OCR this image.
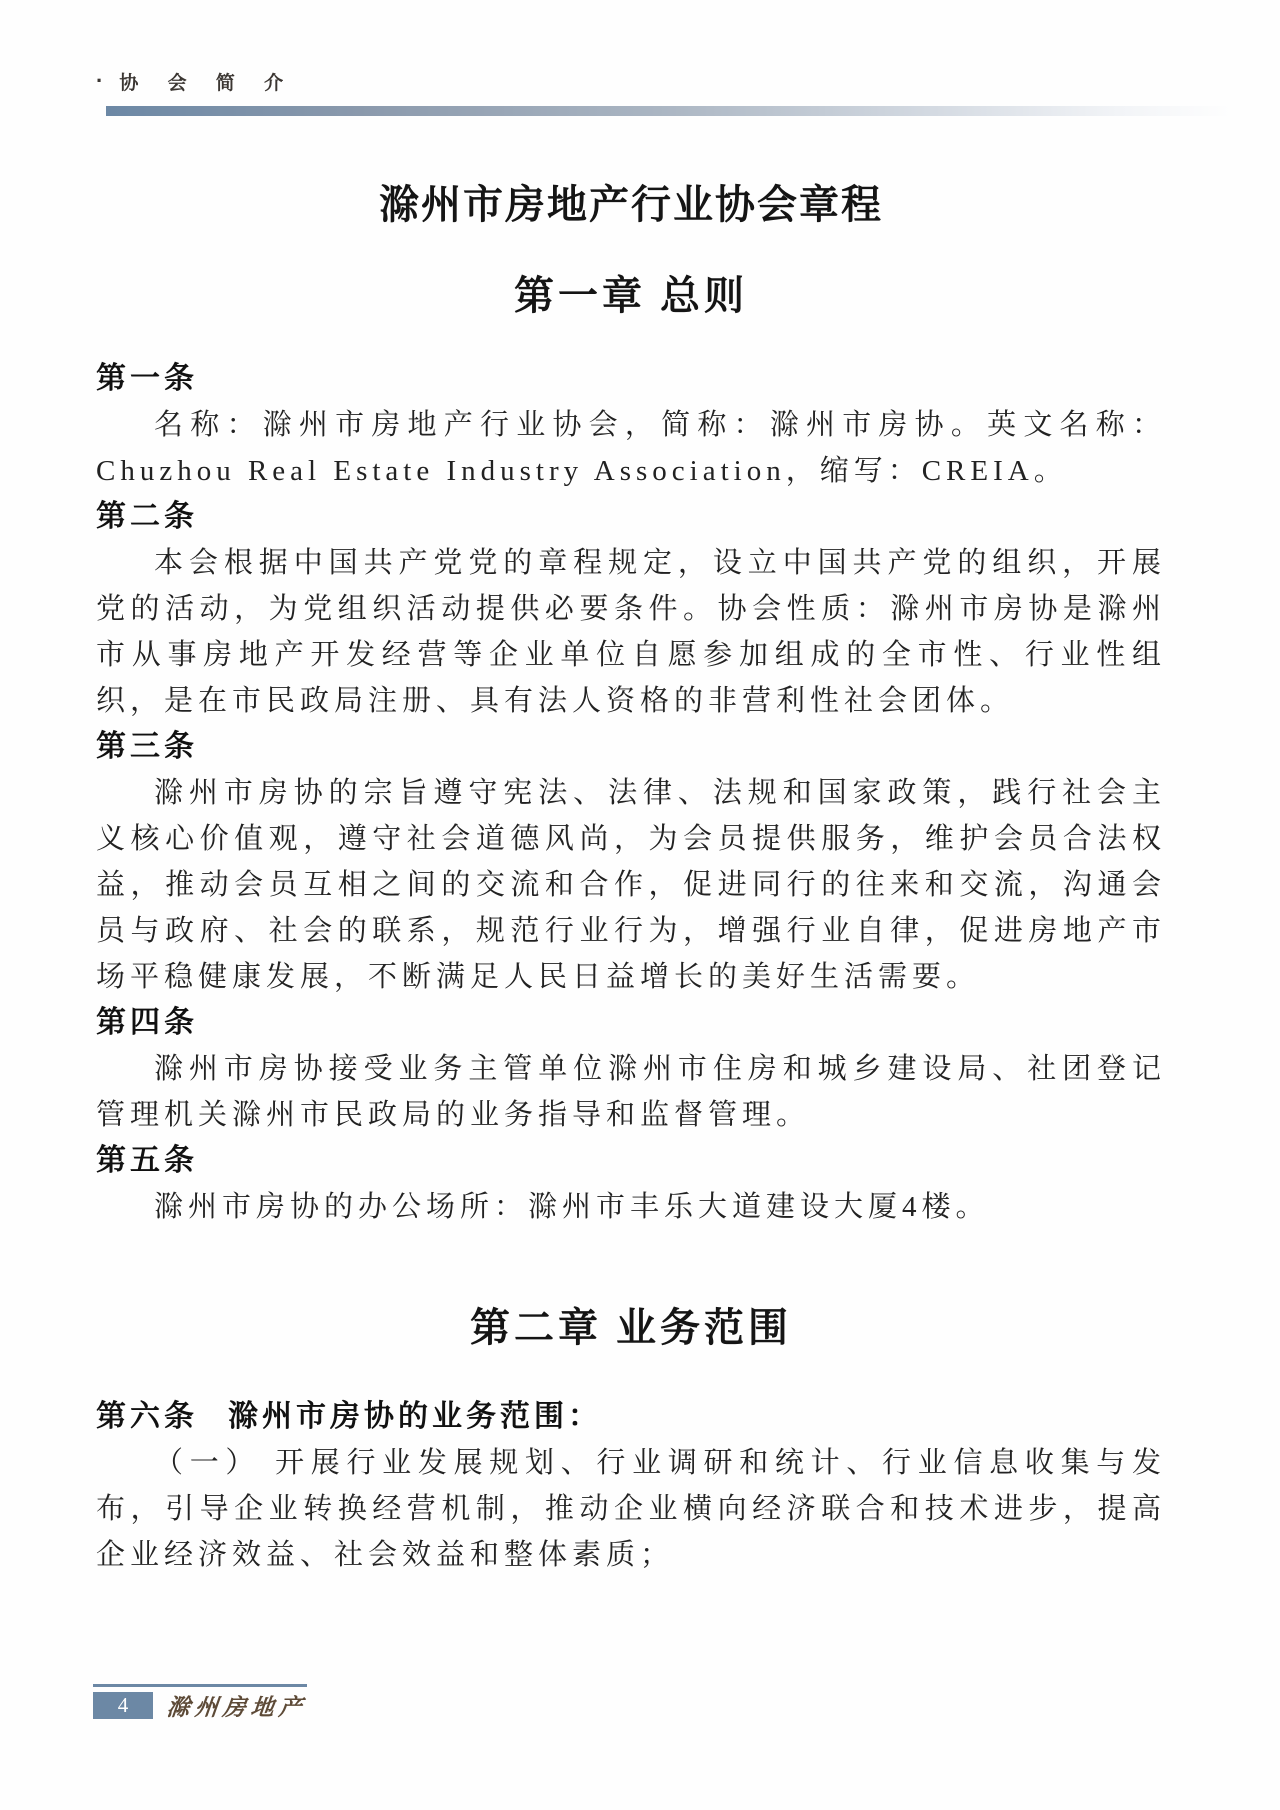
· 协 会 简 介
滁州市房地产行业协会章程
第一章 总则
第一条

名称：滁州市房地产行业协会，简称：滁州市房协。英文名称：Chuzhou Real Estate Industry Association，缩写：CREIA。

第二条

本会根据中国共产党党的章程规定，设立中国共产党的组织，开展党的活动，为党组织活动提供必要条件。协会性质：滁州市房协是滁州市从事房地产开发经营等企业单位自愿参加组成的全市性、行业性组织，是在市民政局注册、具有法人资格的非营利性社会团体。

第三条

滁州市房协的宗旨遵守宪法、法律、法规和国家政策，践行社会主义核心价值观，遵守社会道德风尚，为会员提供服务，维护会员合法权益，推动会员互相之间的交流和合作，促进同行的往来和交流，沟通会员与政府、社会的联系，规范行业行为，增强行业自律，促进房地产市场平稳健康发展，不断满足人民日益增长的美好生活需要。

第四条

滁州市房协接受业务主管单位滁州市住房和城乡建设局、社团登记管理机关滁州市民政局的业务指导和监督管理。

第五条

滁州市房协的办公场所：滁州市丰乐大道建设大厦4楼。

第二章 业务范围
第六条 滁州市房协的业务范围：

（一） 开展行业发展规划、行业调研和统计、行业信息收集与发布，引导企业转换经营机制，推动企业横向经济联合和技术进步，提高企业经济效益、社会效益和整体素质；

4 滁州房地产
